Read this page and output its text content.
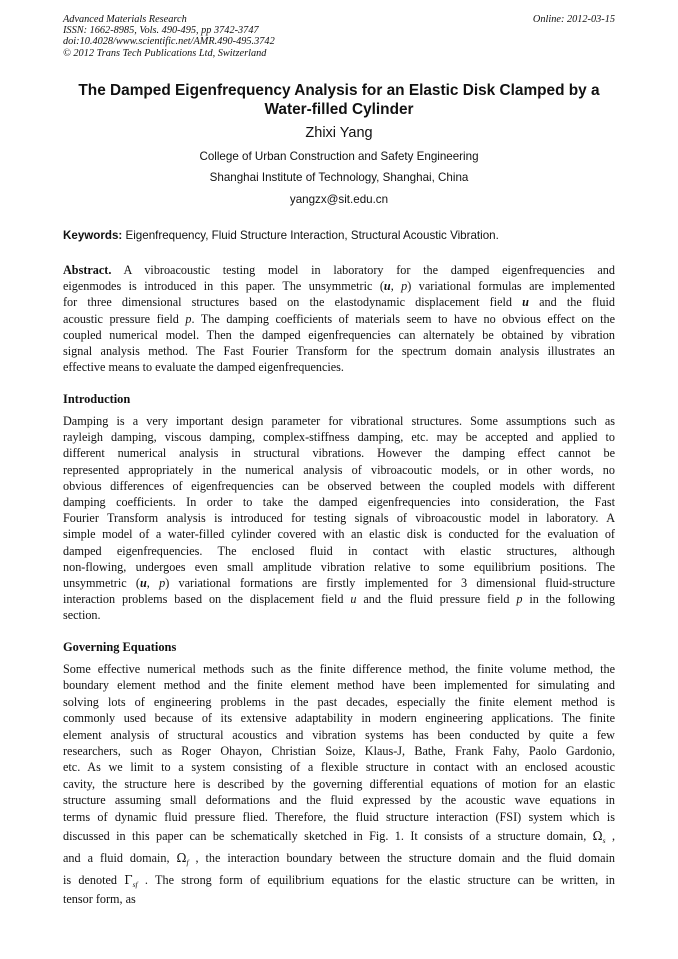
Advanced Materials Research
ISSN: 1662-8985, Vols. 490-495, pp 3742-3747
doi:10.4028/www.scientific.net/AMR.490-495.3742
© 2012 Trans Tech Publications Ltd, Switzerland
Online: 2012-03-15
The Damped Eigenfrequency Analysis for an Elastic Disk Clamped by a
Water-filled Cylinder
Zhixi Yang
College of Urban Construction and Safety Engineering
Shanghai Institute of Technology, Shanghai, China
yangzx@sit.edu.cn
Keywords: Eigenfrequency, Fluid Structure Interaction, Structural Acoustic Vibration.
Abstract. A vibroacoustic testing model in laboratory for the damped eigenfrequencies and
eigenmodes is introduced in this paper. The unsymmetric (u, p) variational formulas are implemented
for three dimensional structures based on the elastodynamic displacement field u and the fluid
acoustic pressure field p. The damping coefficients of materials seem to have no obvious effect on the
coupled numerical model. Then the damped eigenfrequencies can alternately be obtained by vibration
signal analysis method. The Fast Fourier Transform for the spectrum domain analysis illustrates an
effective means to evaluate the damped eigenfrequencies.
Introduction
Damping is a very important design parameter for vibrational structures. Some assumptions such as
rayleigh damping, viscous damping, complex-stiffness damping, etc. may be accepted and applied to
different numerical analysis in structural vibrations. However the damping effect cannot be
represented appropriately in the numerical analysis of vibroacoutic models, or in other words, no
obvious differences of eigenfrequencies can be observed between the coupled models with different
damping coefficients. In order to take the damped eigenfrequencies into consideration, the Fast
Fourier Transform analysis is introduced for testing signals of vibroacoustic model in laboratory. A
simple model of a water-filled cylinder covered with an elastic disk is conducted for the evaluation of
damped eigenfrequencies. The enclosed fluid in contact with elastic structures, although
non-flowing, undergoes even small amplitude vibration relative to some equilibrium positions. The
unsymmetric (u, p) variational formations are firstly implemented for 3 dimensional fluid-structure
interaction problems based on the displacement field u and the fluid pressure field p in the following
section.
Governing Equations
Some effective numerical methods such as the finite difference method, the finite volume method, the
boundary element method and the finite element method have been implemented for simulating and
solving lots of engineering problems in the past decades, especially the finite element method is
commonly used because of its extensive adaptability in modern engineering applications. The finite
element analysis of structural acoustics and vibration systems has been conducted by quite a few
researchers, such as Roger Ohayon, Christian Soize, Klaus-J, Bathe, Frank Fahy, Paolo Gardonio,
etc. As we limit to a system consisting of a flexible structure in contact with an enclosed acoustic
cavity, the structure here is described by the governing differential equations of motion for an elastic
structure assuming small deformations and the fluid expressed by the acoustic wave equations in
terms of dynamic fluid pressure flied. Therefore, the fluid structure interaction (FSI) system which is
discussed in this paper can be schematically sketched in Fig. 1. It consists of a structure domain, $\Omega_s$ ,
and a fluid domain, $\Omega_f$ , the interaction boundary between the structure domain and the fluid domain
is denoted $\Gamma_{sf}$ . The strong form of equilibrium equations for the elastic structure can be written, in
tensor form, as
